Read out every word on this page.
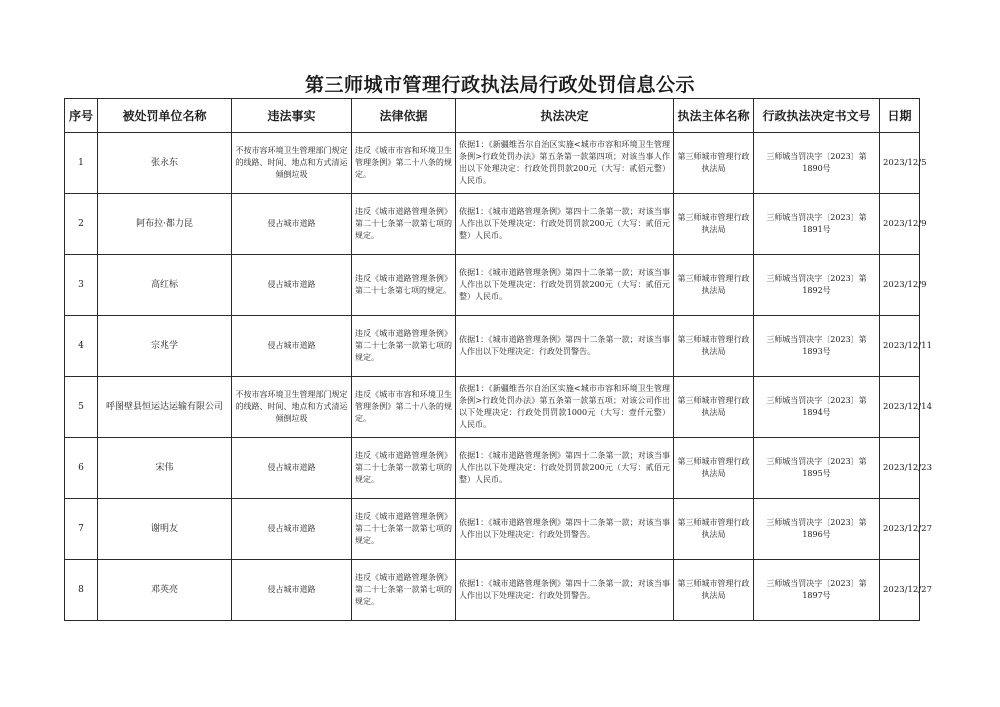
第三师城市管理行政执法局行政处罚信息公示
序号	被处罚单位名称	违法事实	法律依据	执法决定	执法主体名称	行政执法决定书文号	日期
1	张永东	不按市容环境卫生管理部门规定的线路、时间、地点和方式清运倾倒垃圾	违反《城市市容和环境卫生管理条例》第二十八条的规定。	依据1：《新疆维吾尔自治区实施<城市市容和环境卫生管理条例>行政处罚办法》第五条第一款第四项；对该当事人作出以下处理决定：行政处罚罚款200元（大写：贰佰元整）人民币。	第三师城市管理行政执法局	三师城当罚决字〔2023〕第1890号	2023/12/5
2	阿布拉·都力昆	侵占城市道路	违反《城市道路管理条例》第二十七条第一款第七项的规定。	依据1：《城市道路管理条例》第四十二条第一款；对该当事人作出以下处理决定：行政处罚罚款200元（大写：贰佰元整）人民币。	第三师城市管理行政执法局	三师城当罚决字〔2023〕第1891号	2023/12/9
3	高红标	侵占城市道路	违反《城市道路管理条例》第二十七条第七项的规定。	依据1：《城市道路管理条例》第四十二条第一款；对该当事人作出以下处理决定：行政处罚罚款200元（大写：贰佰元整）人民币。	第三师城市管理行政执法局	三师城当罚决字〔2023〕第1892号	2023/12/9
4	宗兆学	侵占城市道路	违反《城市道路管理条例》第二十七条第一款第七项的规定。	依据1：《城市道路管理条例》第四十二条第一款；对该当事人作出以下处理决定：行政处罚警告。	第三师城市管理行政执法局	三师城当罚决字〔2023〕第1893号	2023/12/11
5	呼图壁县恒运达运输有限公司	不按市容环境卫生管理部门规定的线路、时间、地点和方式清运倾倒垃圾	违反《城市市容和环境卫生管理条例》第二十八条的规定。	依据1：《新疆维吾尔自治区实施<城市市容和环境卫生管理条例>行政处罚办法》第五条第一款第五项；对该公司作出以下处理决定：行政处罚罚款1000元（大写：壹仟元整）人民币。	第三师城市管理行政执法局	三师城当罚决字〔2023〕第1894号	2023/12/14
6	宋伟	侵占城市道路	违反《城市道路管理条例》第二十七条第一款第七项的规定。	依据1：《城市道路管理条例》第四十二条第一款；对该当事人作出以下处理决定：行政处罚罚款200元（大写：贰佰元整）人民币。	第三师城市管理行政执法局	三师城当罚决字〔2023〕第1895号	2023/12/23
7	谢明友	侵占城市道路	违反《城市道路管理条例》第二十七条第一款第七项的规定。	依据1：《城市道路管理条例》第四十二条第一款；对该当事人作出以下处理决定：行政处罚警告。	第三师城市管理行政执法局	三师城当罚决字〔2023〕第1896号	2023/12/27
8	邓英亮	侵占城市道路	违反《城市道路管理条例》第二十七条第一款第七项的规定。	依据1：《城市道路管理条例》第四十二条第一款；对该当事人作出以下处理决定：行政处罚警告。	第三师城市管理行政执法局	三师城当罚决字〔2023〕第1897号	2023/12/27
